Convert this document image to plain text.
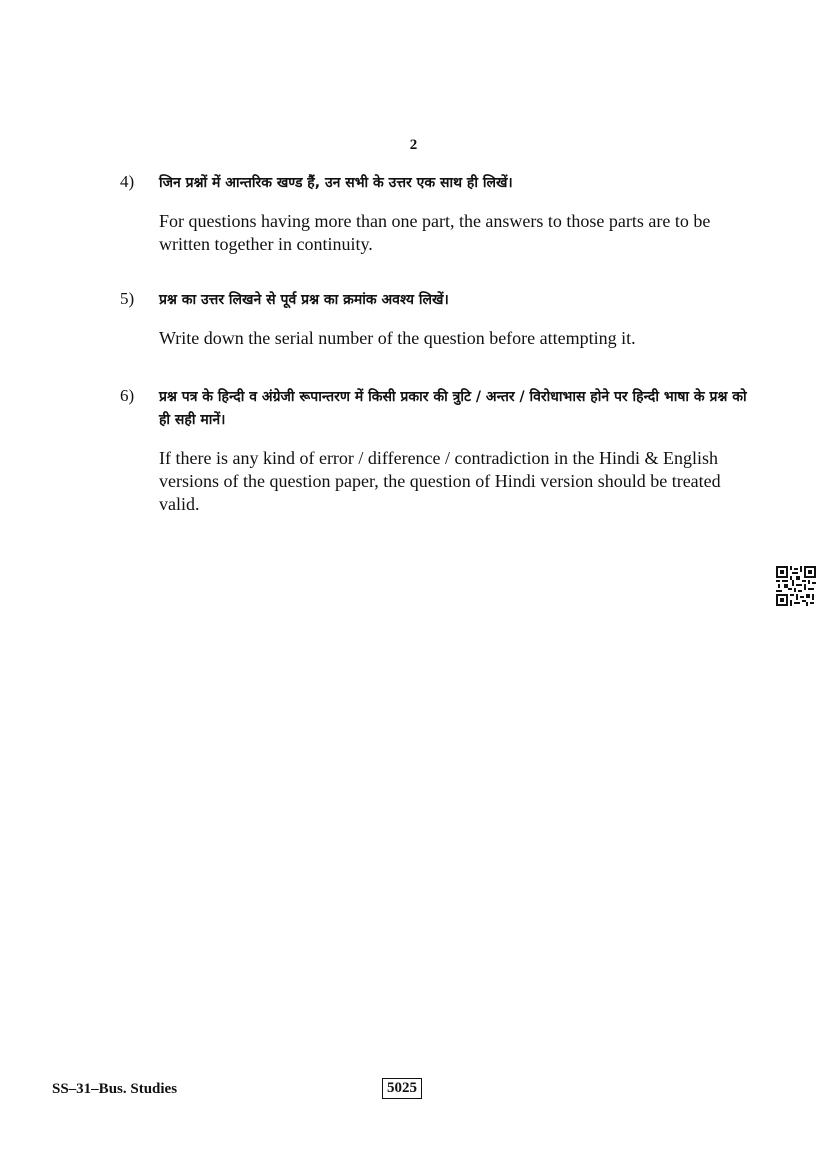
2
4) जिन प्रश्नों में आन्तरिक खण्ड हैं, उन सभी के उत्तर एक साथ ही लिखें।
For questions having more than one part, the answers to those parts are to be written together in continuity.
5) प्रश्न का उत्तर लिखने से पूर्व प्रश्न का क्रमांक अवश्य लिखें।
Write down the serial number of the question before attempting it.
6) प्रश्न पत्र के हिन्दी व अंग्रेजी रूपान्तरण में किसी प्रकार की त्रुटि / अन्तर / विरोधाभास होने पर हिन्दी भाषा के प्रश्न को ही सही मानें।
If there is any kind of error / difference / contradiction in the Hindi & English versions of the question paper, the question of Hindi version should be treated valid.
SS–31–Bus. Studies	5025
